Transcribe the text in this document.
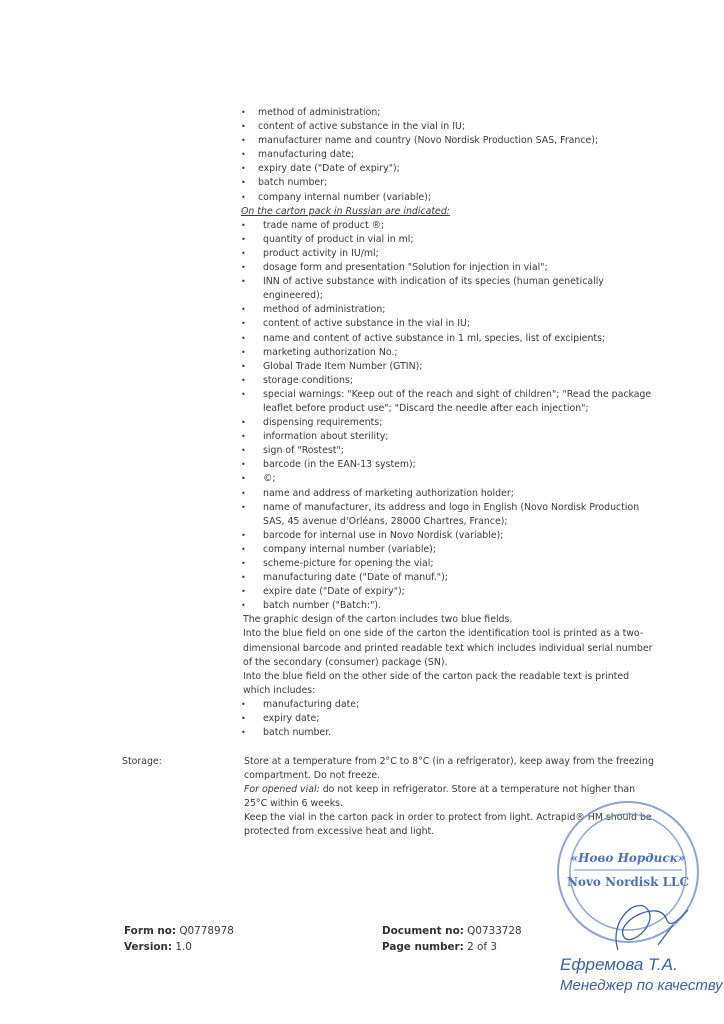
• method of administration;
• content of active substance in the vial in IU;
• manufacturer name and country (Novo Nordisk Production SAS, France);
• manufacturing date;
• expiry date ("Date of expiry");
• batch number;
• company internal number (variable);
On the carton pack in Russian are indicated:
• trade name of product ®;
• quantity of product in vial in ml;
• product activity in IU/ml;
• dosage form and presentation "Solution for injection in vial";
• INN of active substance with indication of its species (human genetically engineered);
• method of administration;
• content of active substance in the vial in IU;
• name and content of active substance in 1 ml, species, list of excipients;
• marketing authorization No.;
• Global Trade Item Number (GTIN);
• storage conditions;
• special warnings: "Keep out of the reach and sight of children"; "Read the package leaflet before product use"; "Discard the needle after each injection";
• dispensing requirements;
• information about sterility;
• sign of "Rostest";
• barcode (in the EAN-13 system);
• ©;
• name and address of marketing authorization holder;
• name of manufacturer, its address and logo in English (Novo Nordisk Production SAS, 45 avenue d'Orléans, 28000 Chartres, France);
• barcode for internal use in Novo Nordisk (variable);
• company internal number (variable);
• scheme-picture for opening the vial;
• manufacturing date ("Date of manuf.");
• expire date ("Date of expiry");
• batch number ("Batch:").
The graphic design of the carton includes two blue fields.
Into the blue field on one side of the carton the identification tool is printed as a two-dimensional barcode and printed readable text which includes individual serial number of the secondary (consumer) package (SN).
Into the blue field on the other side of the carton pack the readable text is printed which includes:
• manufacturing date;
• expiry date;
• batch number.
Storage:	Store at a temperature from 2°C to 8°C (in a refrigerator), keep away from the freezing compartment. Do not freeze.
For opened vial: do not keep in refrigerator. Store at a temperature not higher than 25°C within 6 weeks.
Keep the vial in the carton pack in order to protect from light. Actrapid® HM should be protected from excessive heat and light.
Form no: Q0778978
Version: 1.0
Document no: Q0733728
Page number: 2 of 3
«Ново Нордиск»
Novo Nordisk LLC
Ефремова Т.А.
Менеджер по качеству
